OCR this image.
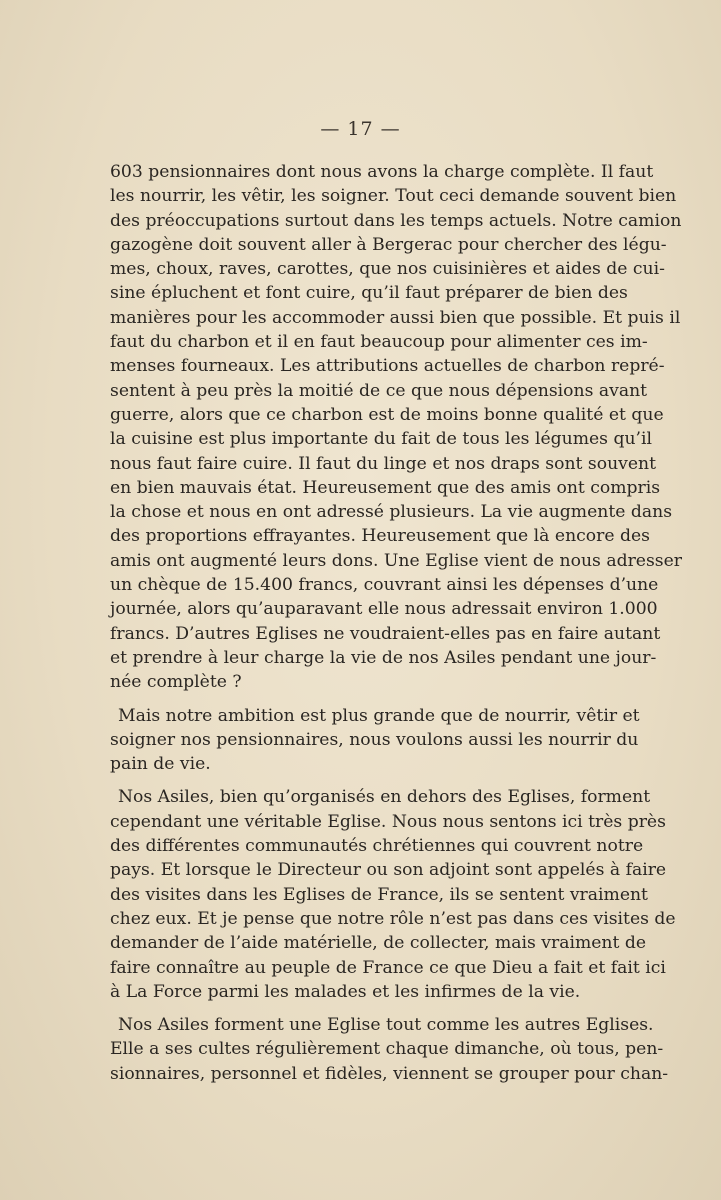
— 17 —

603 pensionnaires dont nous avons la charge complète. Il faut
les nourrir, les vêtir, les soigner. Tout ceci demande souvent bien
des préoccupations surtout dans les temps actuels. Notre camion
gazogène doit souvent aller à Bergerac pour chercher des légu-
mes, choux, raves, carottes, que nos cuisinières et aides de cui-
sine épluchent et font cuire, qu’il faut préparer de bien des
manières pour les accommoder aussi bien que possible. Et puis il
faut du charbon et il en faut beaucoup pour alimenter ces im-
menses fourneaux. Les attributions actuelles de charbon repré-
sentent à peu près la moitié de ce que nous dépensions avant
guerre, alors que ce charbon est de moins bonne qualité et que
la cuisine est plus importante du fait de tous les légumes qu’il
nous faut faire cuire. Il faut du linge et nos draps sont souvent
en bien mauvais état. Heureusement que des amis ont compris
la chose et nous en ont adressé plusieurs. La vie augmente dans
des proportions effrayantes. Heureusement que là encore des
amis ont augmenté leurs dons. Une Eglise vient de nous adresser
un chèque de 15.400 francs, couvrant ainsi les dépenses d’une
journée, alors qu’auparavant elle nous adressait environ 1.000
francs. D’autres Eglises ne voudraient-elles pas en faire autant
et prendre à leur charge la vie de nos Asiles pendant une jour-
née complète ?

Mais notre ambition est plus grande que de nourrir, vêtir et
soigner nos pensionnaires, nous voulons aussi les nourrir du
pain de vie.

Nos Asiles, bien qu’organisés en dehors des Eglises, forment
cependant une véritable Eglise. Nous nous sentons ici très près
des différentes communautés chrétiennes qui couvrent notre
pays. Et lorsque le Directeur ou son adjoint sont appelés à faire
des visites dans les Eglises de France, ils se sentent vraiment
chez eux. Et je pense que notre rôle n’est pas dans ces visites de
demander de l’aide matérielle, de collecter, mais vraiment de
faire connaître au peuple de France ce que Dieu a fait et fait ici
à La Force parmi les malades et les infirmes de la vie.

Nos Asiles forment une Eglise tout comme les autres Eglises.
Elle a ses cultes régulièrement chaque dimanche, où tous, pen-
sionnaires, personnel et fidèles, viennent se grouper pour chan-
